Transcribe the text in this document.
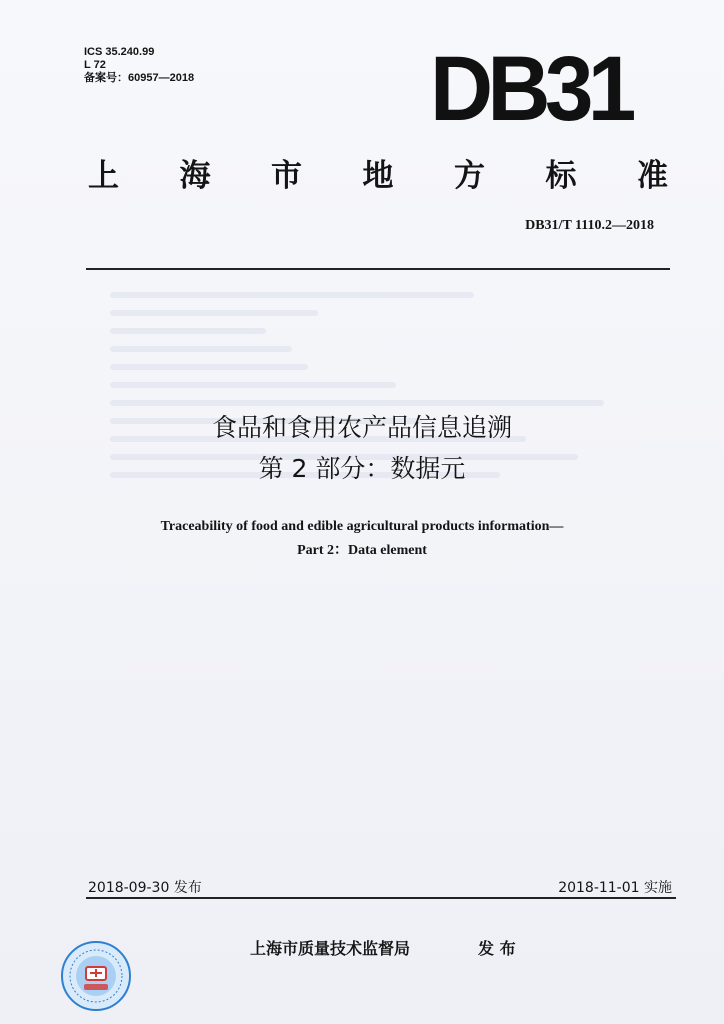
ICS 35.240.99
L 72
备案号：60957—2018	DB31
上 海 市 地 方 标 准
DB31/T 1110.2—2018
食品和食用农产品信息追溯
第 2 部分：数据元
Traceability of food and edible agricultural products information—
Part 2：Data element
2018-09-30 发布	2018-11-01 实施
上海市质量技术监督局	发 布
